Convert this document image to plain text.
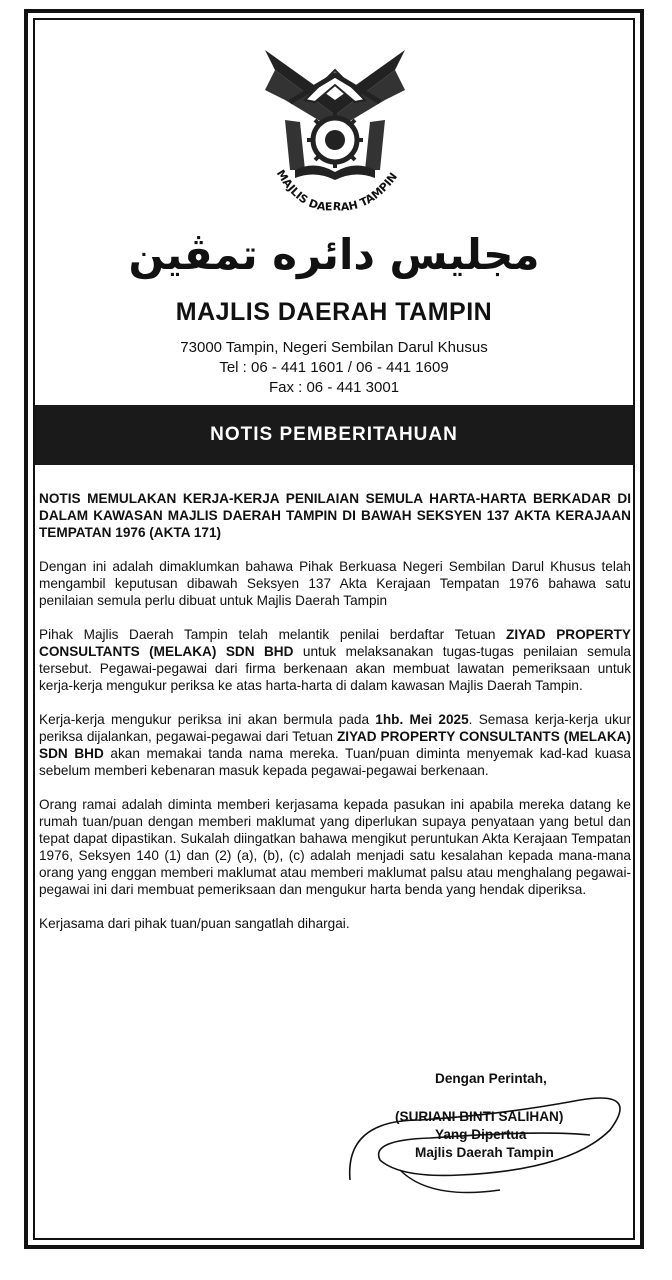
MAJLIS DAERAH TAMPIN
مجليس دائره تمڤين
MAJLIS DAERAH TAMPIN
73000 Tampin, Negeri Sembilan Darul Khusus
Tel : 06 - 441 1601 / 06 - 441 1609
Fax : 06 - 441 3001
NOTIS PEMBERITAHUAN

NOTIS MEMULAKAN KERJA-KERJA PENILAIAN SEMULA HARTA-HARTA BERKADAR DI DALAM KAWASAN MAJLIS DAERAH TAMPIN DI BAWAH SEKSYEN 137 AKTA KERAJAAN TEMPATAN 1976 (AKTA 171)

Dengan ini adalah dimaklumkan bahawa Pihak Berkuasa Negeri Sembilan Darul Khusus telah mengambil keputusan dibawah Seksyen 137 Akta Kerajaan Tempatan 1976 bahawa satu penilaian semula perlu dibuat untuk Majlis Daerah Tampin

Pihak Majlis Daerah Tampin telah melantik penilai berdaftar Tetuan ZIYAD PROPERTY CONSULTANTS (MELAKA) SDN BHD untuk melaksanakan tugas-tugas penilaian semula tersebut. Pegawai-pegawai dari firma berkenaan akan membuat lawatan pemeriksaan untuk kerja-kerja mengukur periksa ke atas harta-harta di dalam kawasan Majlis Daerah Tampin.

Kerja-kerja mengukur periksa ini akan bermula pada 1hb. Mei 2025. Semasa kerja-kerja ukur periksa dijalankan, pegawai-pegawai dari Tetuan ZIYAD PROPERTY CONSULTANTS (MELAKA) SDN BHD akan memakai tanda nama mereka. Tuan/puan diminta menyemak kad-kad kuasa sebelum memberi kebenaran masuk kepada pegawai-pegawai berkenaan.

Orang ramai adalah diminta memberi kerjasama kepada pasukan ini apabila mereka datang ke rumah tuan/puan dengan memberi maklumat yang diperlukan supaya penyataan yang betul dan tepat dapat dipastikan. Sukalah diingatkan bahawa mengikut peruntukan Akta Kerajaan Tempatan 1976, Seksyen 140 (1) dan (2) (a), (b), (c) adalah menjadi satu kesalahan kepada mana-mana orang yang enggan memberi maklumat atau memberi maklumat palsu atau menghalang pegawai-pegawai ini dari membuat pemeriksaan dan mengukur harta benda yang hendak diperiksa.

Kerjasama dari pihak tuan/puan sangatlah dihargai.

Dengan Perintah,
(SURIANI BINTI SALIHAN)
Yang Dipertua
Majlis Daerah Tampin
